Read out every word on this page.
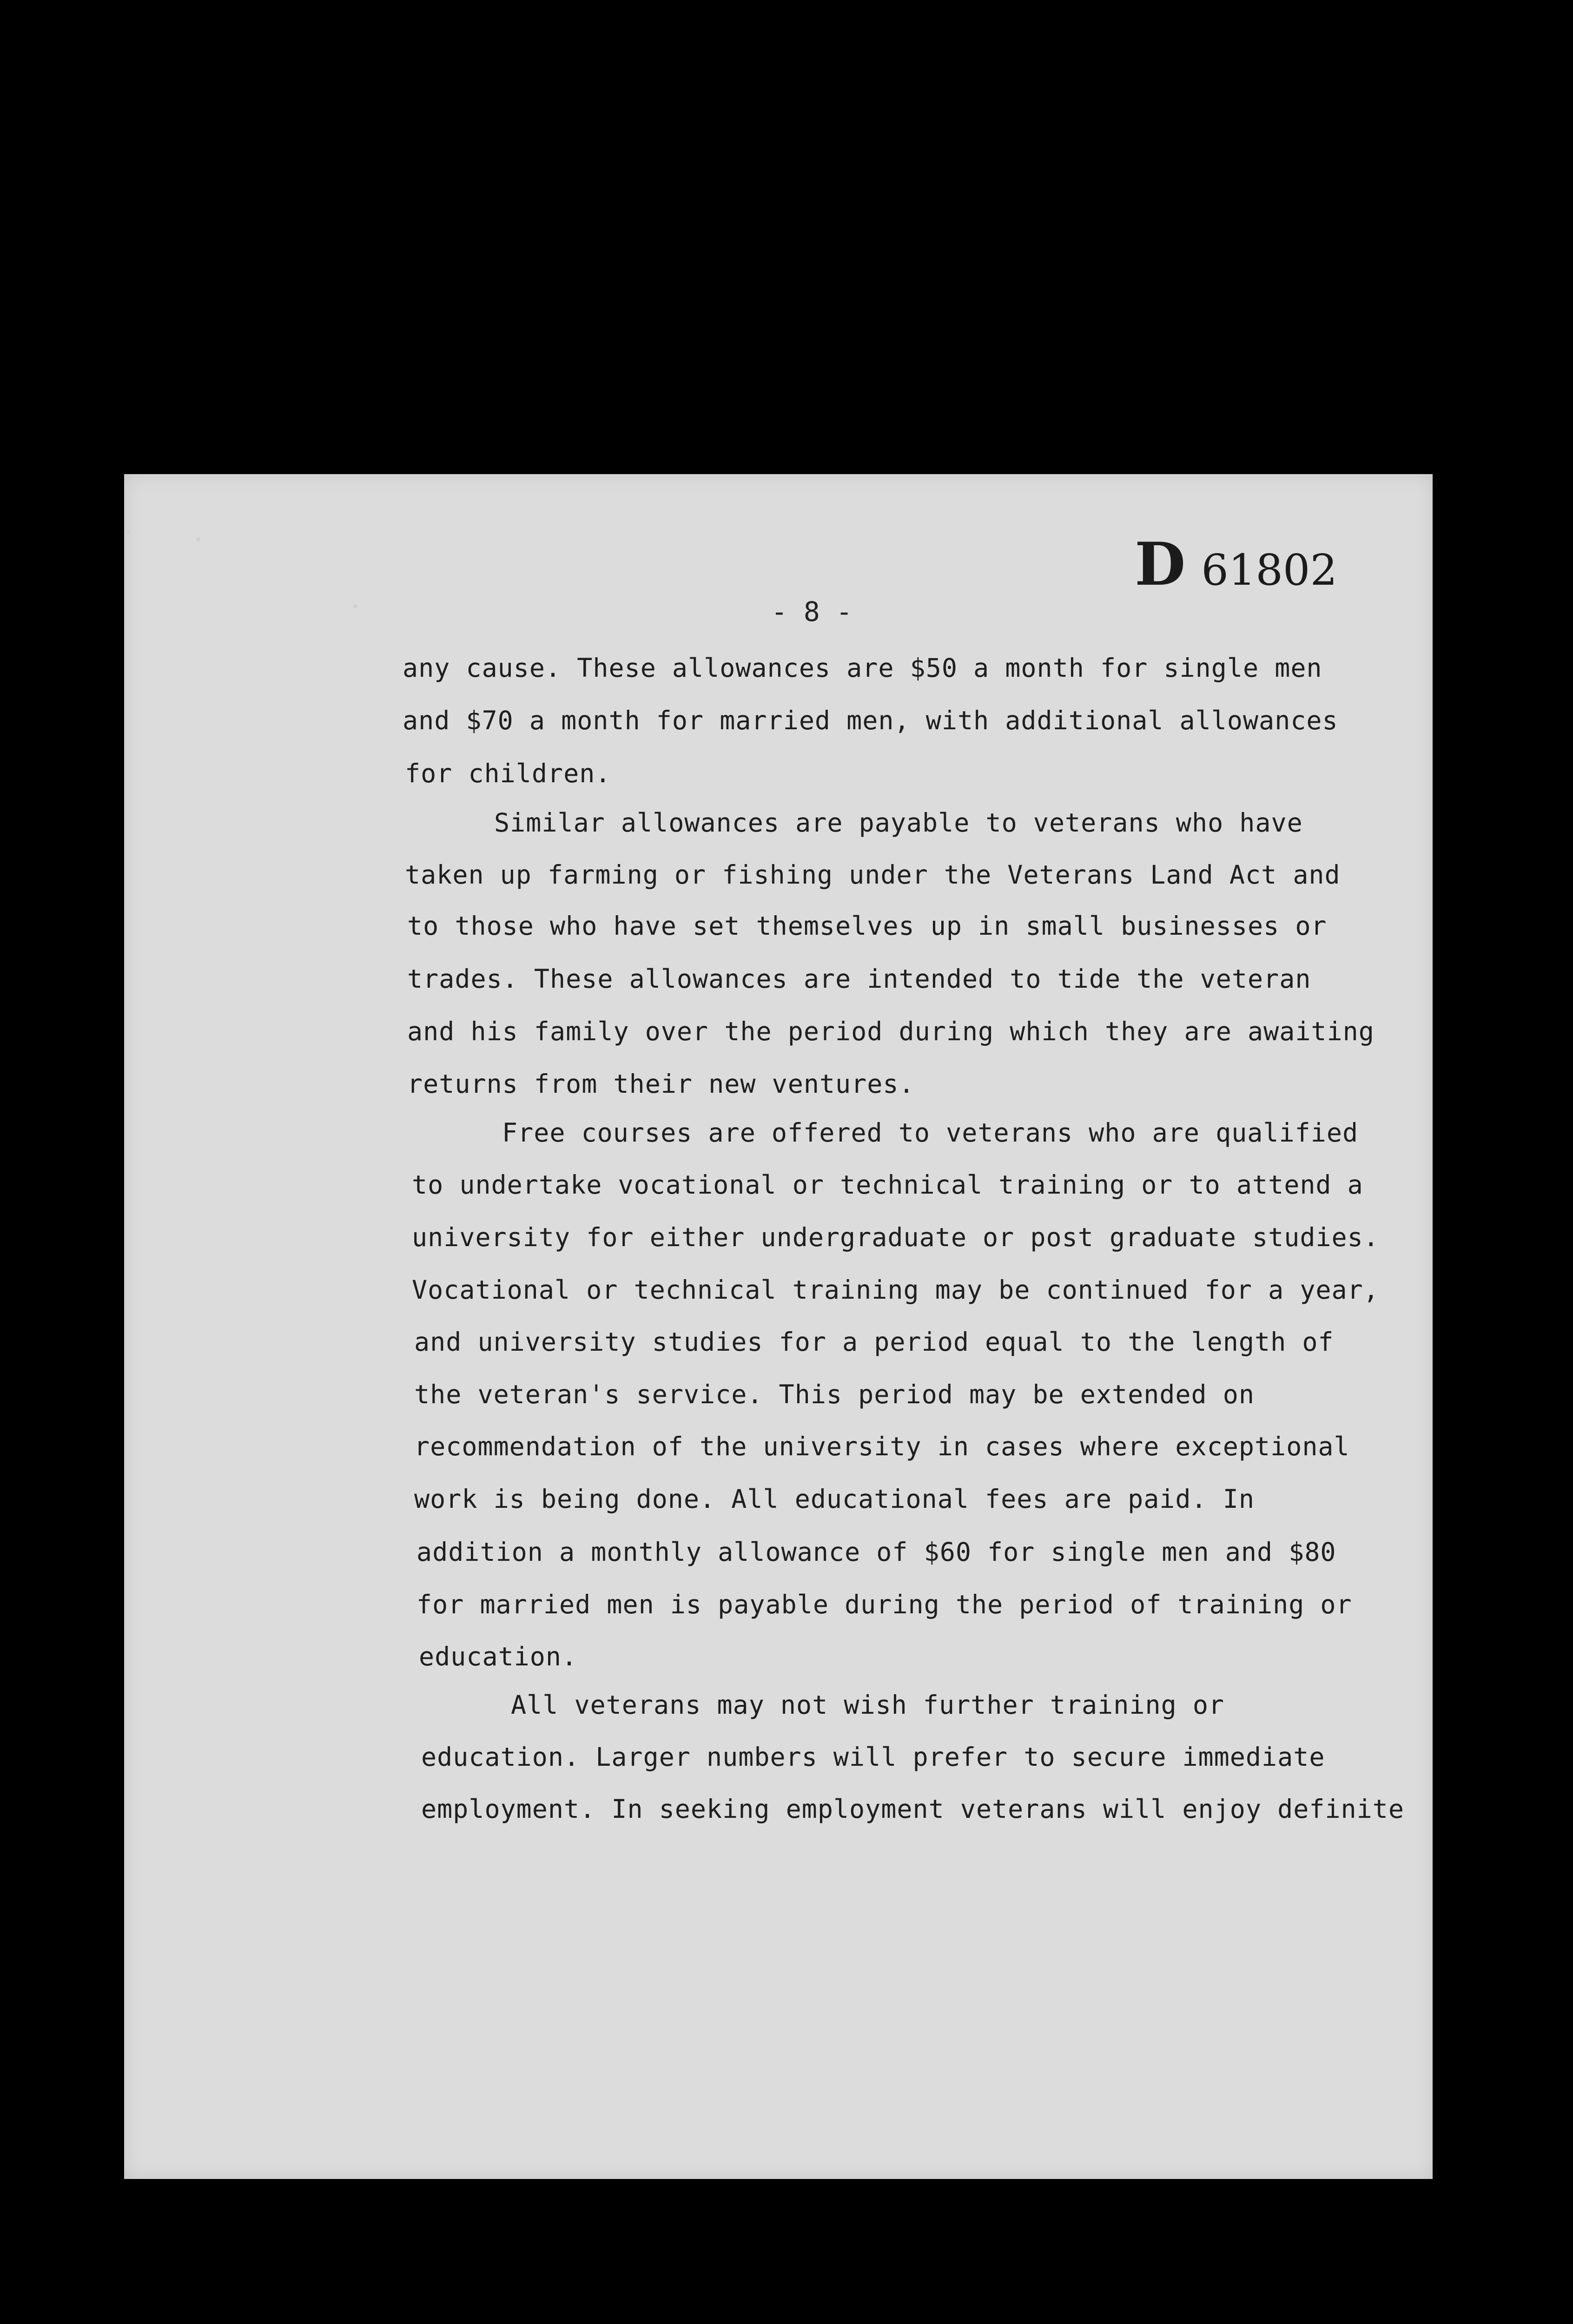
D 61802
- 8 -
any cause. These allowances are $50 a month for single men
and $70 a month for married men, with additional allowances
for children.
Similar allowances are payable to veterans who have
taken up farming or fishing under the Veterans Land Act and
to those who have set themselves up in small businesses or
trades. These allowances are intended to tide the veteran
and his family over the period during which they are awaiting
returns from their new ventures.
Free courses are offered to veterans who are qualified
to undertake vocational or technical training or to attend a
university for either undergraduate or post graduate studies.
Vocational or technical training may be continued for a year,
and university studies for a period equal to the length of
the veteran's service. This period may be extended on
recommendation of the university in cases where exceptional
work is being done. All educational fees are paid. In
addition a monthly allowance of $60 for single men and $80
for married men is payable during the period of training or
education.
All veterans may not wish further training or
education. Larger numbers will prefer to secure immediate
employment. In seeking employment veterans will enjoy definite
